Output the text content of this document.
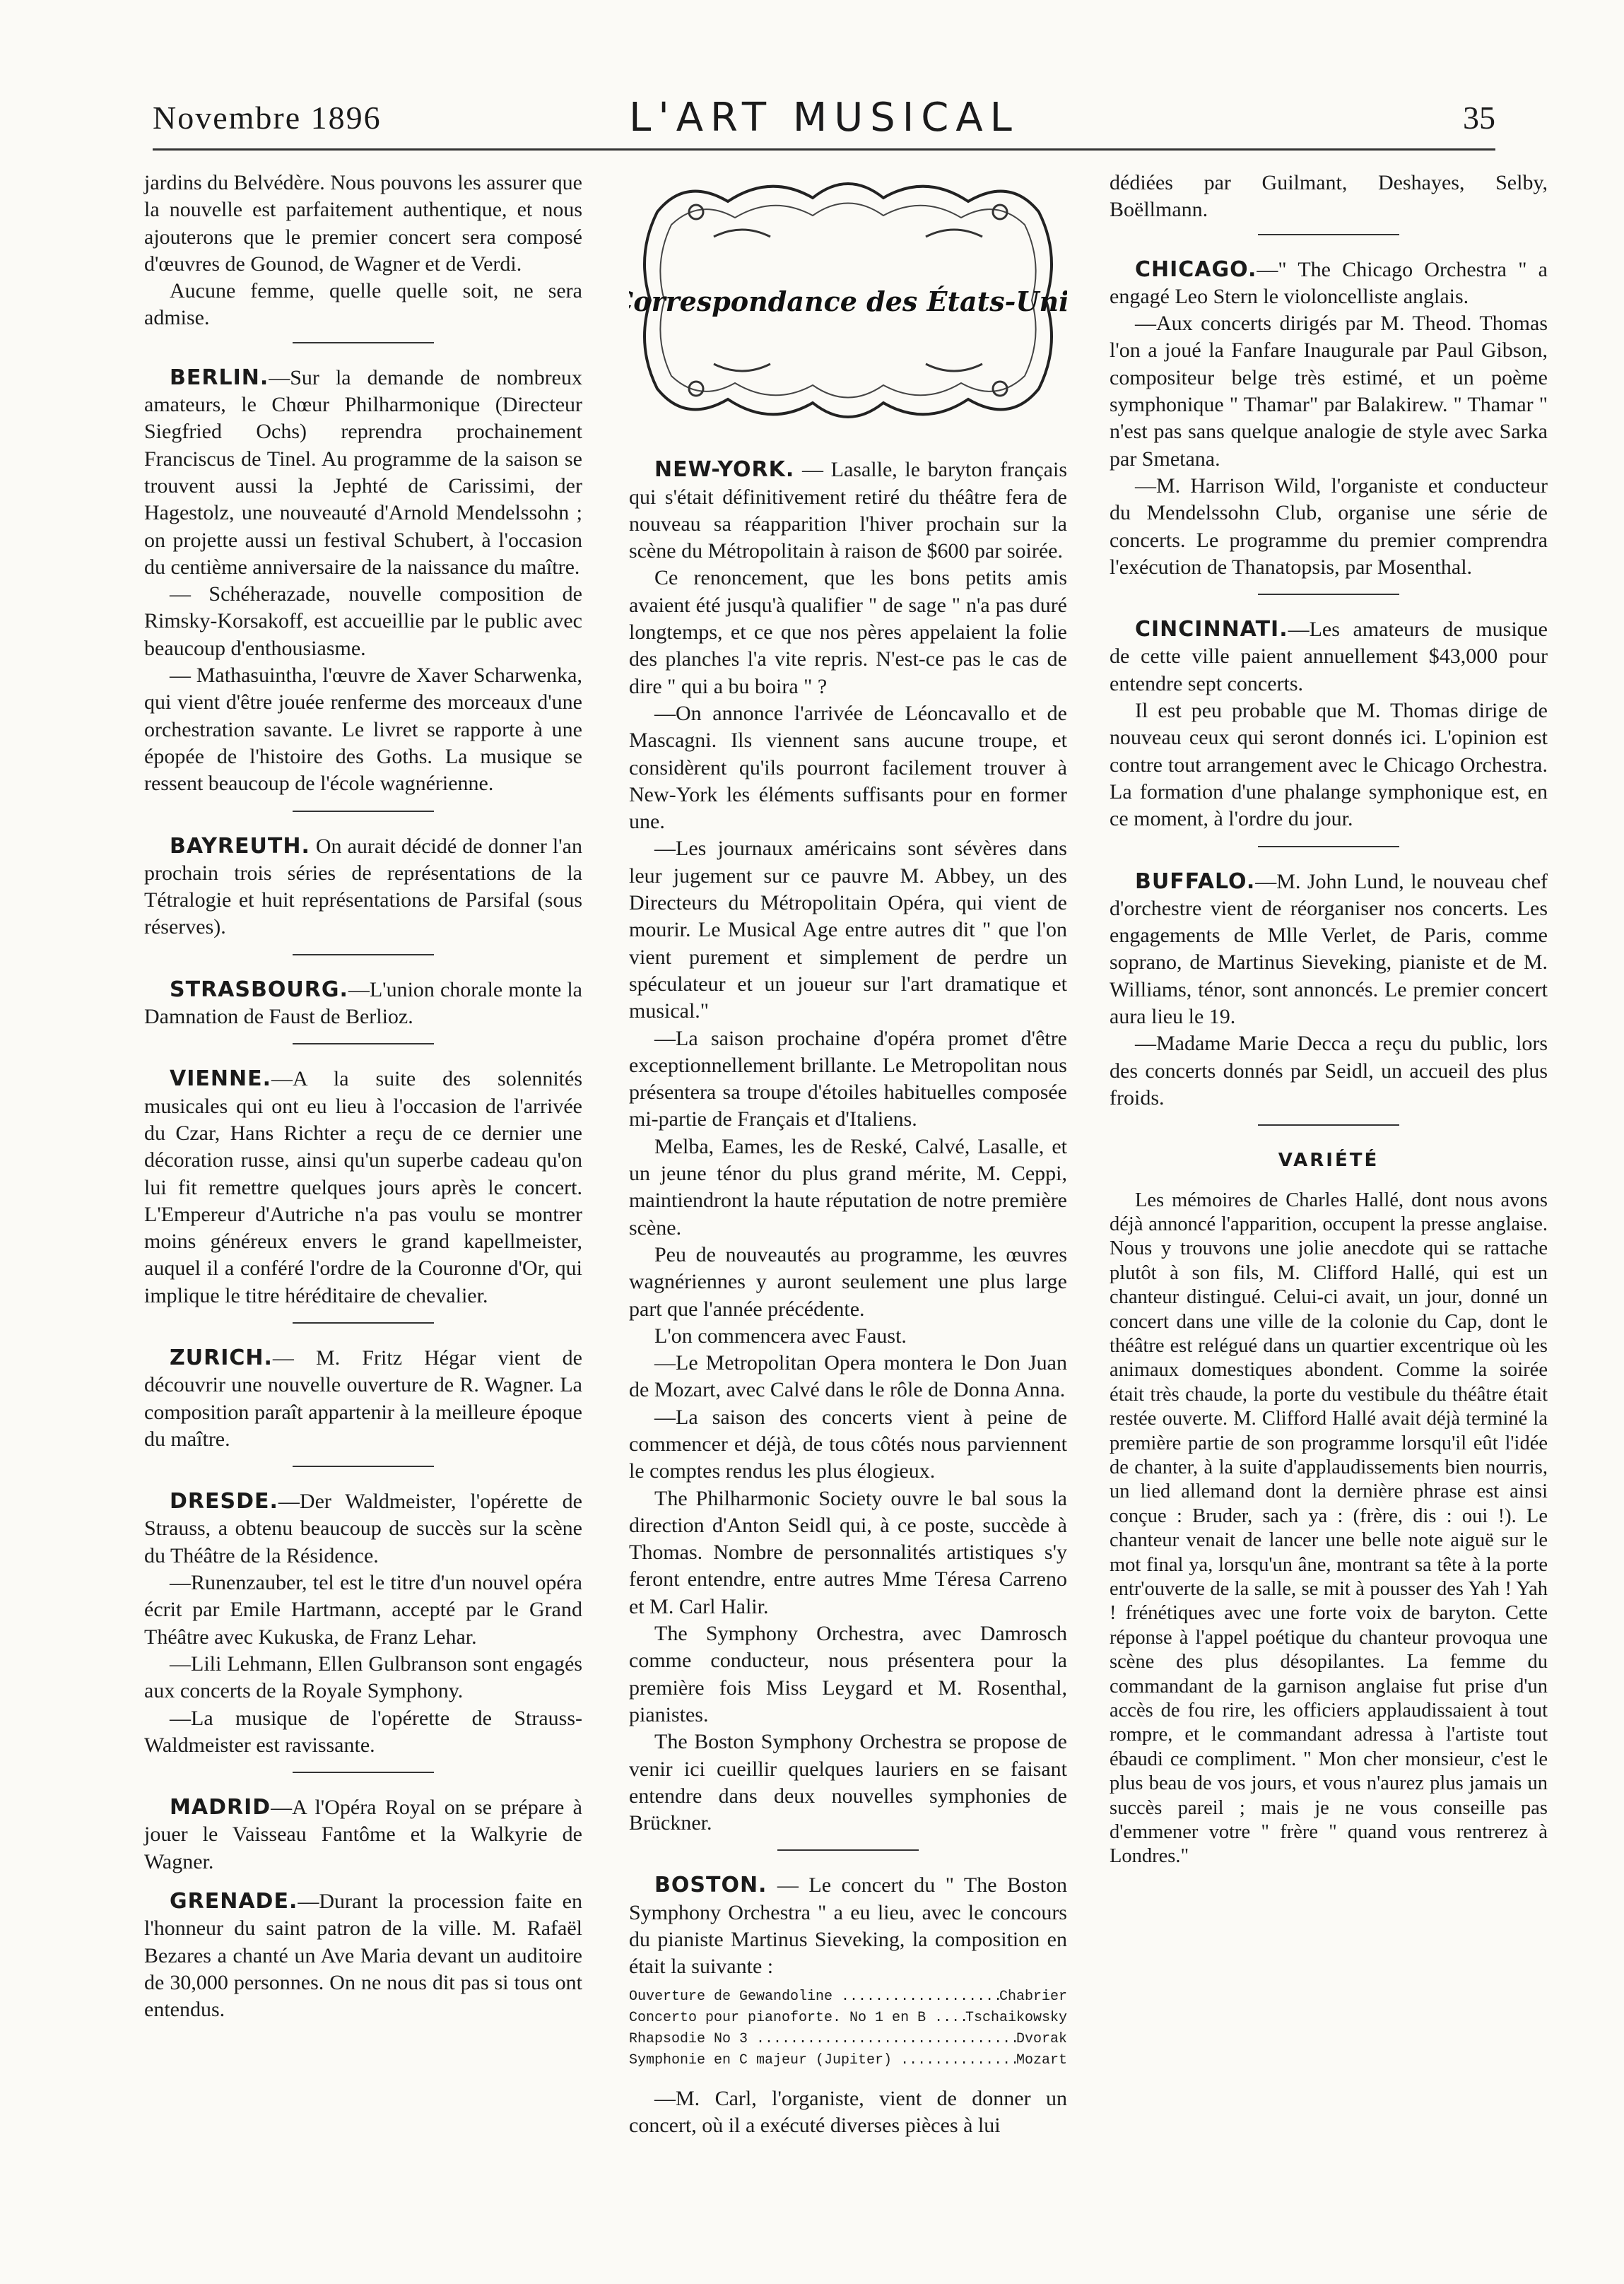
Novembre 1896	L'ART MUSICAL	35

jardins du Belvédère. Nous pouvons les assurer que la nouvelle est parfaitement authentique, et nous ajouterons que le premier concert sera composé d'œuvres de Gounod, de Wagner et de Verdi.

Aucune femme, quelle quelle soit, ne sera admise.

BERLIN.—Sur la demande de nombreux amateurs, le Chœur Philharmonique (Directeur Siegfried Ochs) reprendra prochainement Franciscus de Tinel. Au programme de la saison se trouvent aussi la Jephté de Carissimi, der Hagestolz, une nouveauté d'Arnold Mendelssohn ; on projette aussi un festival Schubert, à l'occasion du centième anniversaire de la naissance du maître.

— Schéherazade, nouvelle composition de Rimsky-Korsakoff, est accueillie par le public avec beaucoup d'enthousiasme.

— Mathasuintha, l'œuvre de Xaver Scharwenka, qui vient d'être jouée renferme des morceaux d'une orchestration savante. Le livret se rapporte à une épopée de l'histoire des Goths. La musique se ressent beaucoup de l'école wagnérienne.

BAYREUTH. On aurait décidé de donner l'an prochain trois séries de représentations de la Tétralogie et huit représentations de Parsifal (sous réserves).

STRASBOURG.—L'union chorale monte la Damnation de Faust de Berlioz.

VIENNE.—A la suite des solennités musicales qui ont eu lieu à l'occasion de l'arrivée du Czar, Hans Richter a reçu de ce dernier une décoration russe, ainsi qu'un superbe cadeau qu'on lui fit remettre quelques jours après le concert. L'Empereur d'Autriche n'a pas voulu se montrer moins généreux envers le grand kapellmeister, auquel il a conféré l'ordre de la Couronne d'Or, qui implique le titre héréditaire de chevalier.

ZURICH.— M. Fritz Hégar vient de découvrir une nouvelle ouverture de R. Wagner. La composition paraît appartenir à la meilleure époque du maître.

DRESDE.—Der Waldmeister, l'opérette de Strauss, a obtenu beaucoup de succès sur la scène du Théâtre de la Résidence.

—Runenzauber, tel est le titre d'un nouvel opéra écrit par Emile Hartmann, accepté par le Grand Théâtre avec Kukuska, de Franz Lehar.

—Lili Lehmann, Ellen Gulbranson sont engagés aux concerts de la Royale Symphony.

—La musique de l'opérette de Strauss-Waldmeister est ravissante.

MADRID—A l'Opéra Royal on se prépare à jouer le Vaisseau Fantôme et la Walkyrie de Wagner.

GRENADE.—Durant la procession faite en l'honneur du saint patron de la ville. M. Rafaël Bezares a chanté un Ave Maria devant un auditoire de 30,000 personnes. On ne nous dit pas si tous ont entendus.

Correspondance des États-Unis

NEW-YORK. — Lasalle, le baryton français qui s'était définitivement retiré du théâtre fera de nouveau sa réapparition l'hiver prochain sur la scène du Métropolitain à raison de $600 par soirée.

Ce renoncement, que les bons petits amis avaient été jusqu'à qualifier " de sage " n'a pas duré longtemps, et ce que nos pères appelaient la folie des planches l'a vite repris. N'est-ce pas le cas de dire " qui a bu boira " ?

—On annonce l'arrivée de Léoncavallo et de Mascagni. Ils viennent sans aucune troupe, et considèrent qu'ils pourront facilement trouver à New-York les éléments suffisants pour en former une.

—Les journaux américains sont sévères dans leur jugement sur ce pauvre M. Abbey, un des Directeurs du Métropolitain Opéra, qui vient de mourir. Le Musical Age entre autres dit " que l'on vient purement et simplement de perdre un spéculateur et un joueur sur l'art dramatique et musical."

—La saison prochaine d'opéra promet d'être exceptionnellement brillante. Le Metropolitan nous présentera sa troupe d'étoiles habituelles composée mi-partie de Français et d'Italiens.

Melba, Eames, les de Reské, Calvé, Lasalle, et un jeune ténor du plus grand mérite, M. Ceppi, maintiendront la haute réputation de notre première scène.

Peu de nouveautés au programme, les œuvres wagnériennes y auront seulement une plus large part que l'année précédente.

L'on commencera avec Faust.

—Le Metropolitan Opera montera le Don Juan de Mozart, avec Calvé dans le rôle de Donna Anna.

—La saison des concerts vient à peine de commencer et déjà, de tous côtés nous parviennent le comptes rendus les plus élogieux.

The Philharmonic Society ouvre le bal sous la direction d'Anton Seidl qui, à ce poste, succède à Thomas. Nombre de personnalités artistiques s'y feront entendre, entre autres Mme Téresa Carreno et M. Carl Halir.

The Symphony Orchestra, avec Damrosch comme conducteur, nous présentera pour la première fois Miss Leygard et M. Rosenthal, pianistes.

The Boston Symphony Orchestra se propose de venir ici cueillir quelques lauriers en se faisant entendre dans deux nouvelles symphonies de Brückner.

BOSTON. — Le concert du " The Boston Symphony Orchestra " a eu lieu, avec le concours du pianiste Martinus Sieveking, la composition en était la suivante :

Ouverture de Gewandoline .....	Chabrier
Concerto pour pianoforte. No 1 en B .....	Tschaikowsky
Rhapsodie No 3 .....	Dvorak
Symphonie en C majeur (Jupiter) .....	Mozart

—M. Carl, l'organiste, vient de donner un concert, où il a exécuté diverses pièces à lui

dédiées par Guilmant, Deshayes, Selby, Boëllmann.

CHICAGO.—" The Chicago Orchestra " a engagé Leo Stern le violoncelliste anglais.

—Aux concerts dirigés par M. Theod. Thomas l'on a joué la Fanfare Inaugurale par Paul Gibson, compositeur belge très estimé, et un poème symphonique " Thamar" par Balakirew. " Thamar " n'est pas sans quelque analogie de style avec Sarka par Smetana.

—M. Harrison Wild, l'organiste et conducteur du Mendelssohn Club, organise une série de concerts. Le programme du premier comprendra l'exécution de Thanatopsis, par Mosenthal.

CINCINNATI.—Les amateurs de musique de cette ville paient annuellement $43,000 pour entendre sept concerts.

Il est peu probable que M. Thomas dirige de nouveau ceux qui seront donnés ici. L'opinion est contre tout arrangement avec le Chicago Orchestra. La formation d'une phalange symphonique est, en ce moment, à l'ordre du jour.

BUFFALO.—M. John Lund, le nouveau chef d'orchestre vient de réorganiser nos concerts. Les engagements de Mlle Verlet, de Paris, comme soprano, de Martinus Sieveking, pianiste et de M. Williams, ténor, sont annoncés. Le premier concert aura lieu le 19.

—Madame Marie Decca a reçu du public, lors des concerts donnés par Seidl, un accueil des plus froids.

VARIÉTÉ

Les mémoires de Charles Hallé, dont nous avons déjà annoncé l'apparition, occupent la presse anglaise. Nous y trouvons une jolie anecdote qui se rattache plutôt à son fils, M. Clifford Hallé, qui est un chanteur distingué. Celui-ci avait, un jour, donné un concert dans une ville de la colonie du Cap, dont le théâtre est relégué dans un quartier excentrique où les animaux domestiques abondent. Comme la soirée était très chaude, la porte du vestibule du théâtre était restée ouverte. M. Clifford Hallé avait déjà terminé la première partie de son programme lorsqu'il eût l'idée de chanter, à la suite d'applaudissements bien nourris, un lied allemand dont la dernière phrase est ainsi conçue : Bruder, sach ya : (frère, dis : oui !). Le chanteur venait de lancer une belle note aiguë sur le mot final ya, lorsqu'un âne, montrant sa tête à la porte entr'ouverte de la salle, se mit à pousser des Yah ! Yah ! frénétiques avec une forte voix de baryton. Cette réponse à l'appel poétique du chanteur provoqua une scène des plus désopilantes. La femme du commandant de la garnison anglaise fut prise d'un accès de fou rire, les officiers applaudissaient à tout rompre, et le commandant adressa à l'artiste tout ébaudi ce compliment. " Mon cher monsieur, c'est le plus beau de vos jours, et vous n'aurez plus jamais un succès pareil ; mais je ne vous conseille pas d'emmener votre " frère " quand vous rentrerez à Londres."
